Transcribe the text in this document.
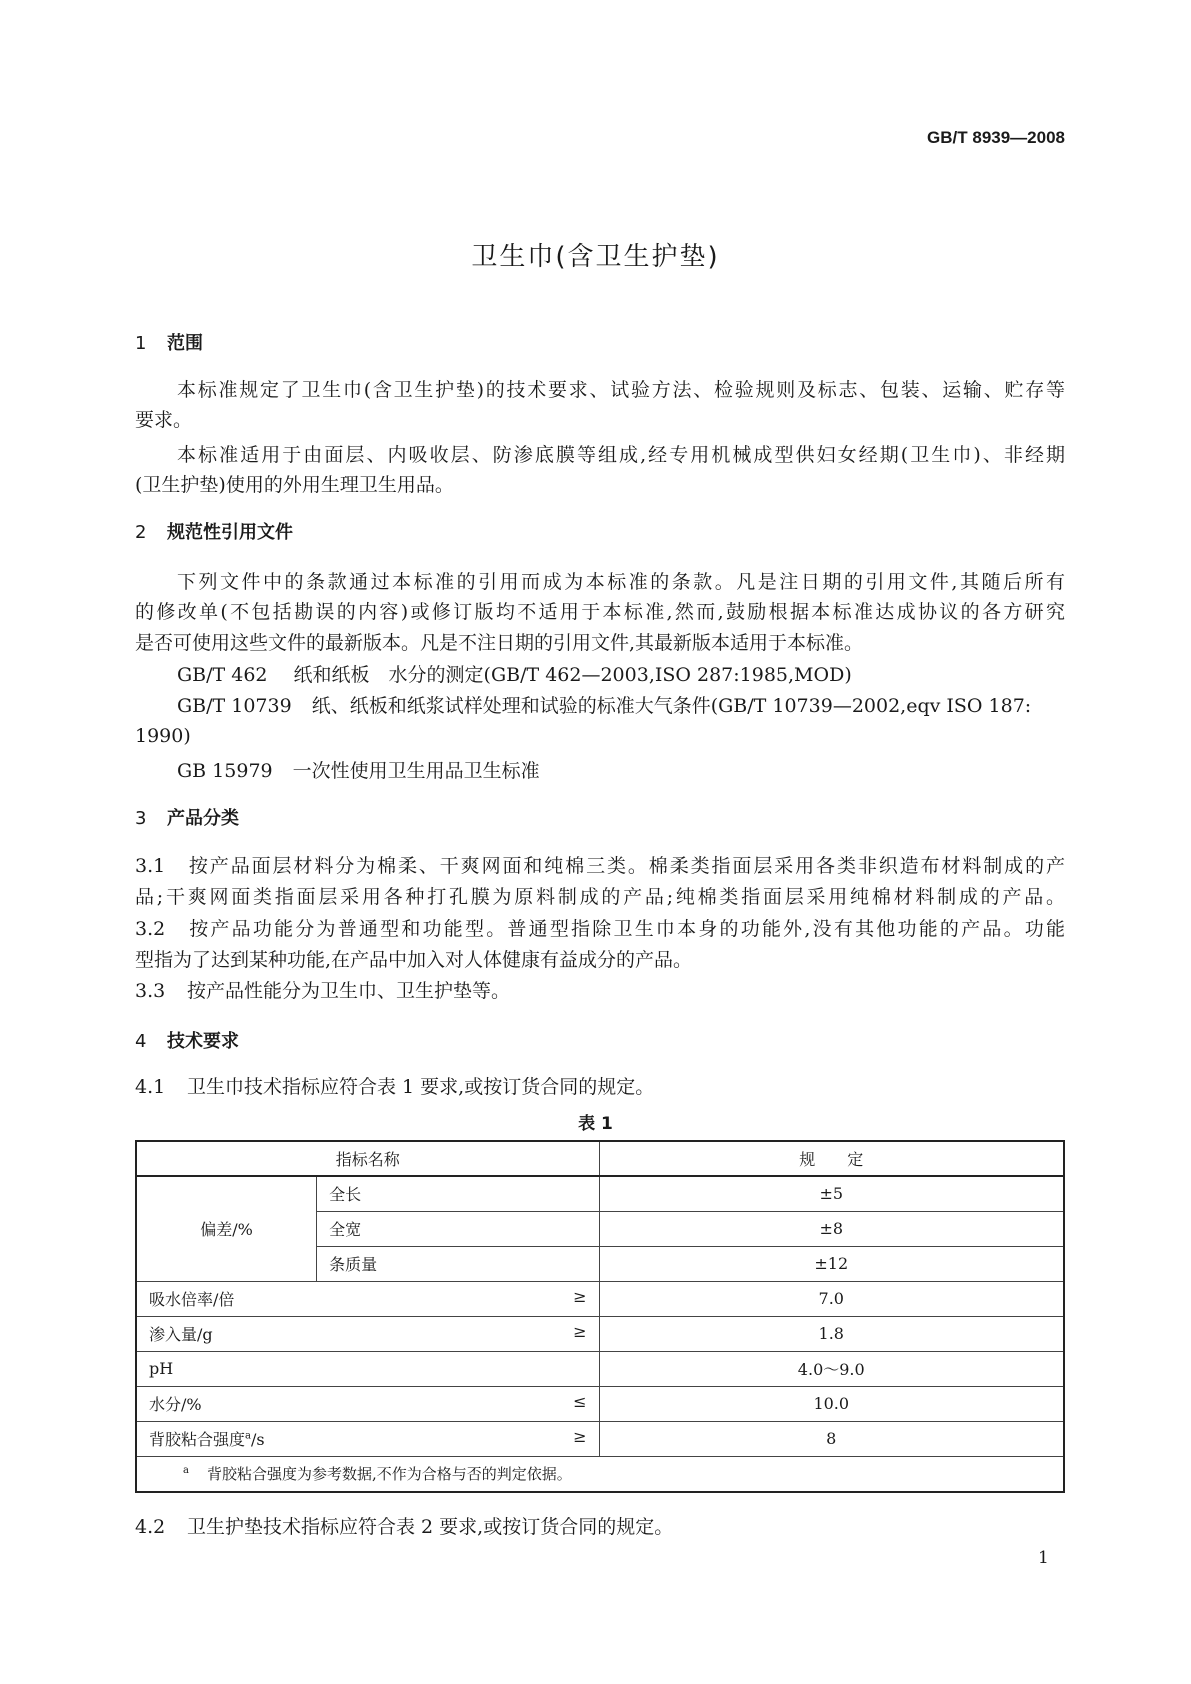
GB/T 8939—2008
卫生巾(含卫生护垫)
1 范围
本标准规定了卫生巾(含卫生护垫)的技术要求、试验方法、检验规则及标志、包装、运输、贮存等
要求。
本标准适用于由面层、内吸收层、防渗底膜等组成,经专用机械成型供妇女经期(卫生巾)、非经期
(卫生护垫)使用的外用生理卫生用品。
2 规范性引用文件
下列文件中的条款通过本标准的引用而成为本标准的条款。凡是注日期的引用文件,其随后所有
的修改单(不包括勘误的内容)或修订版均不适用于本标准,然而,鼓励根据本标准达成协议的各方研究
是否可使用这些文件的最新版本。凡是不注日期的引用文件,其最新版本适用于本标准。
GB/T 462 纸和纸板　水分的测定(GB/T 462—2003,ISO 287:1985,MOD)
GB/T 10739 纸、纸板和纸浆试样处理和试验的标准大气条件(GB/T 10739—2002,eqv ISO 187:
1990)
GB 15979 一次性使用卫生用品卫生标准
3 产品分类
3.1 按产品面层材料分为棉柔、干爽网面和纯棉三类。棉柔类指面层采用各类非织造布材料制成的产
品;干爽网面类指面层采用各种打孔膜为原料制成的产品;纯棉类指面层采用纯棉材料制成的产品。
3.2 按产品功能分为普通型和功能型。普通型指除卫生巾本身的功能外,没有其他功能的产品。功能
型指为了达到某种功能,在产品中加入对人体健康有益成分的产品。
3.3 按产品性能分为卫生巾、卫生护垫等。
4 技术要求
4.1 卫生巾技术指标应符合表 1 要求,或按订货合同的规定。
表 1
指标名称		规　　定
偏差/%	全长	±5
	全宽	±8
	条质量	±12
吸水倍率/倍 ≥		7.0
渗入量/g ≥		1.8
pH		4.0～9.0
水分/% ≤		10.0
背胶粘合强度$^a$/s ≥		8
$^a$ 背胶粘合强度为参考数据,不作为合格与否的判定依据。		
4.2 卫生护垫技术指标应符合表 2 要求,或按订货合同的规定。
1
